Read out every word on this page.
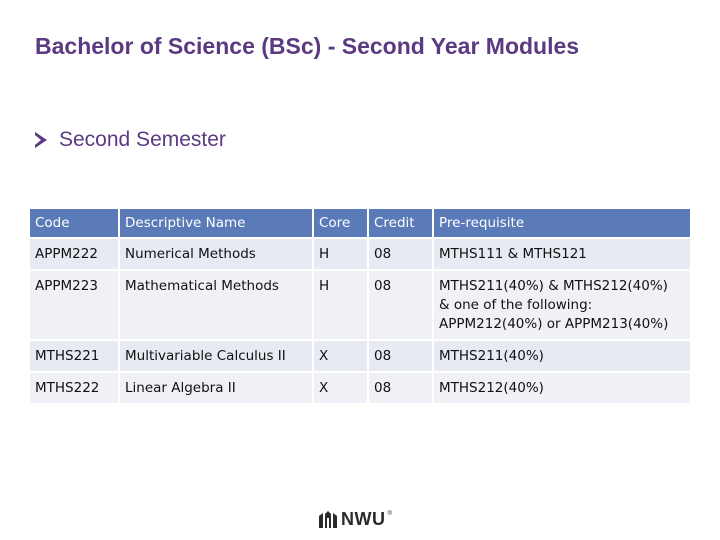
Bachelor of Science (BSc) - Second Year Modules
Second Semester
Code	Descriptive Name	Core	Credit	Pre-requisite
APPM222	Numerical Methods	H	08	MTHS111 & MTHS121

APPM223	Mathematical Methods	H	08	MTHS211(40%) & MTHS212(40%)
& one of the following:
APPM212(40%) or APPM213(40%)

MTHS221	Multivariable Calculus II	X	08	MTHS211(40%)

MTHS222	Linear Algebra II	X	08	MTHS212(40%)
NWU ®
